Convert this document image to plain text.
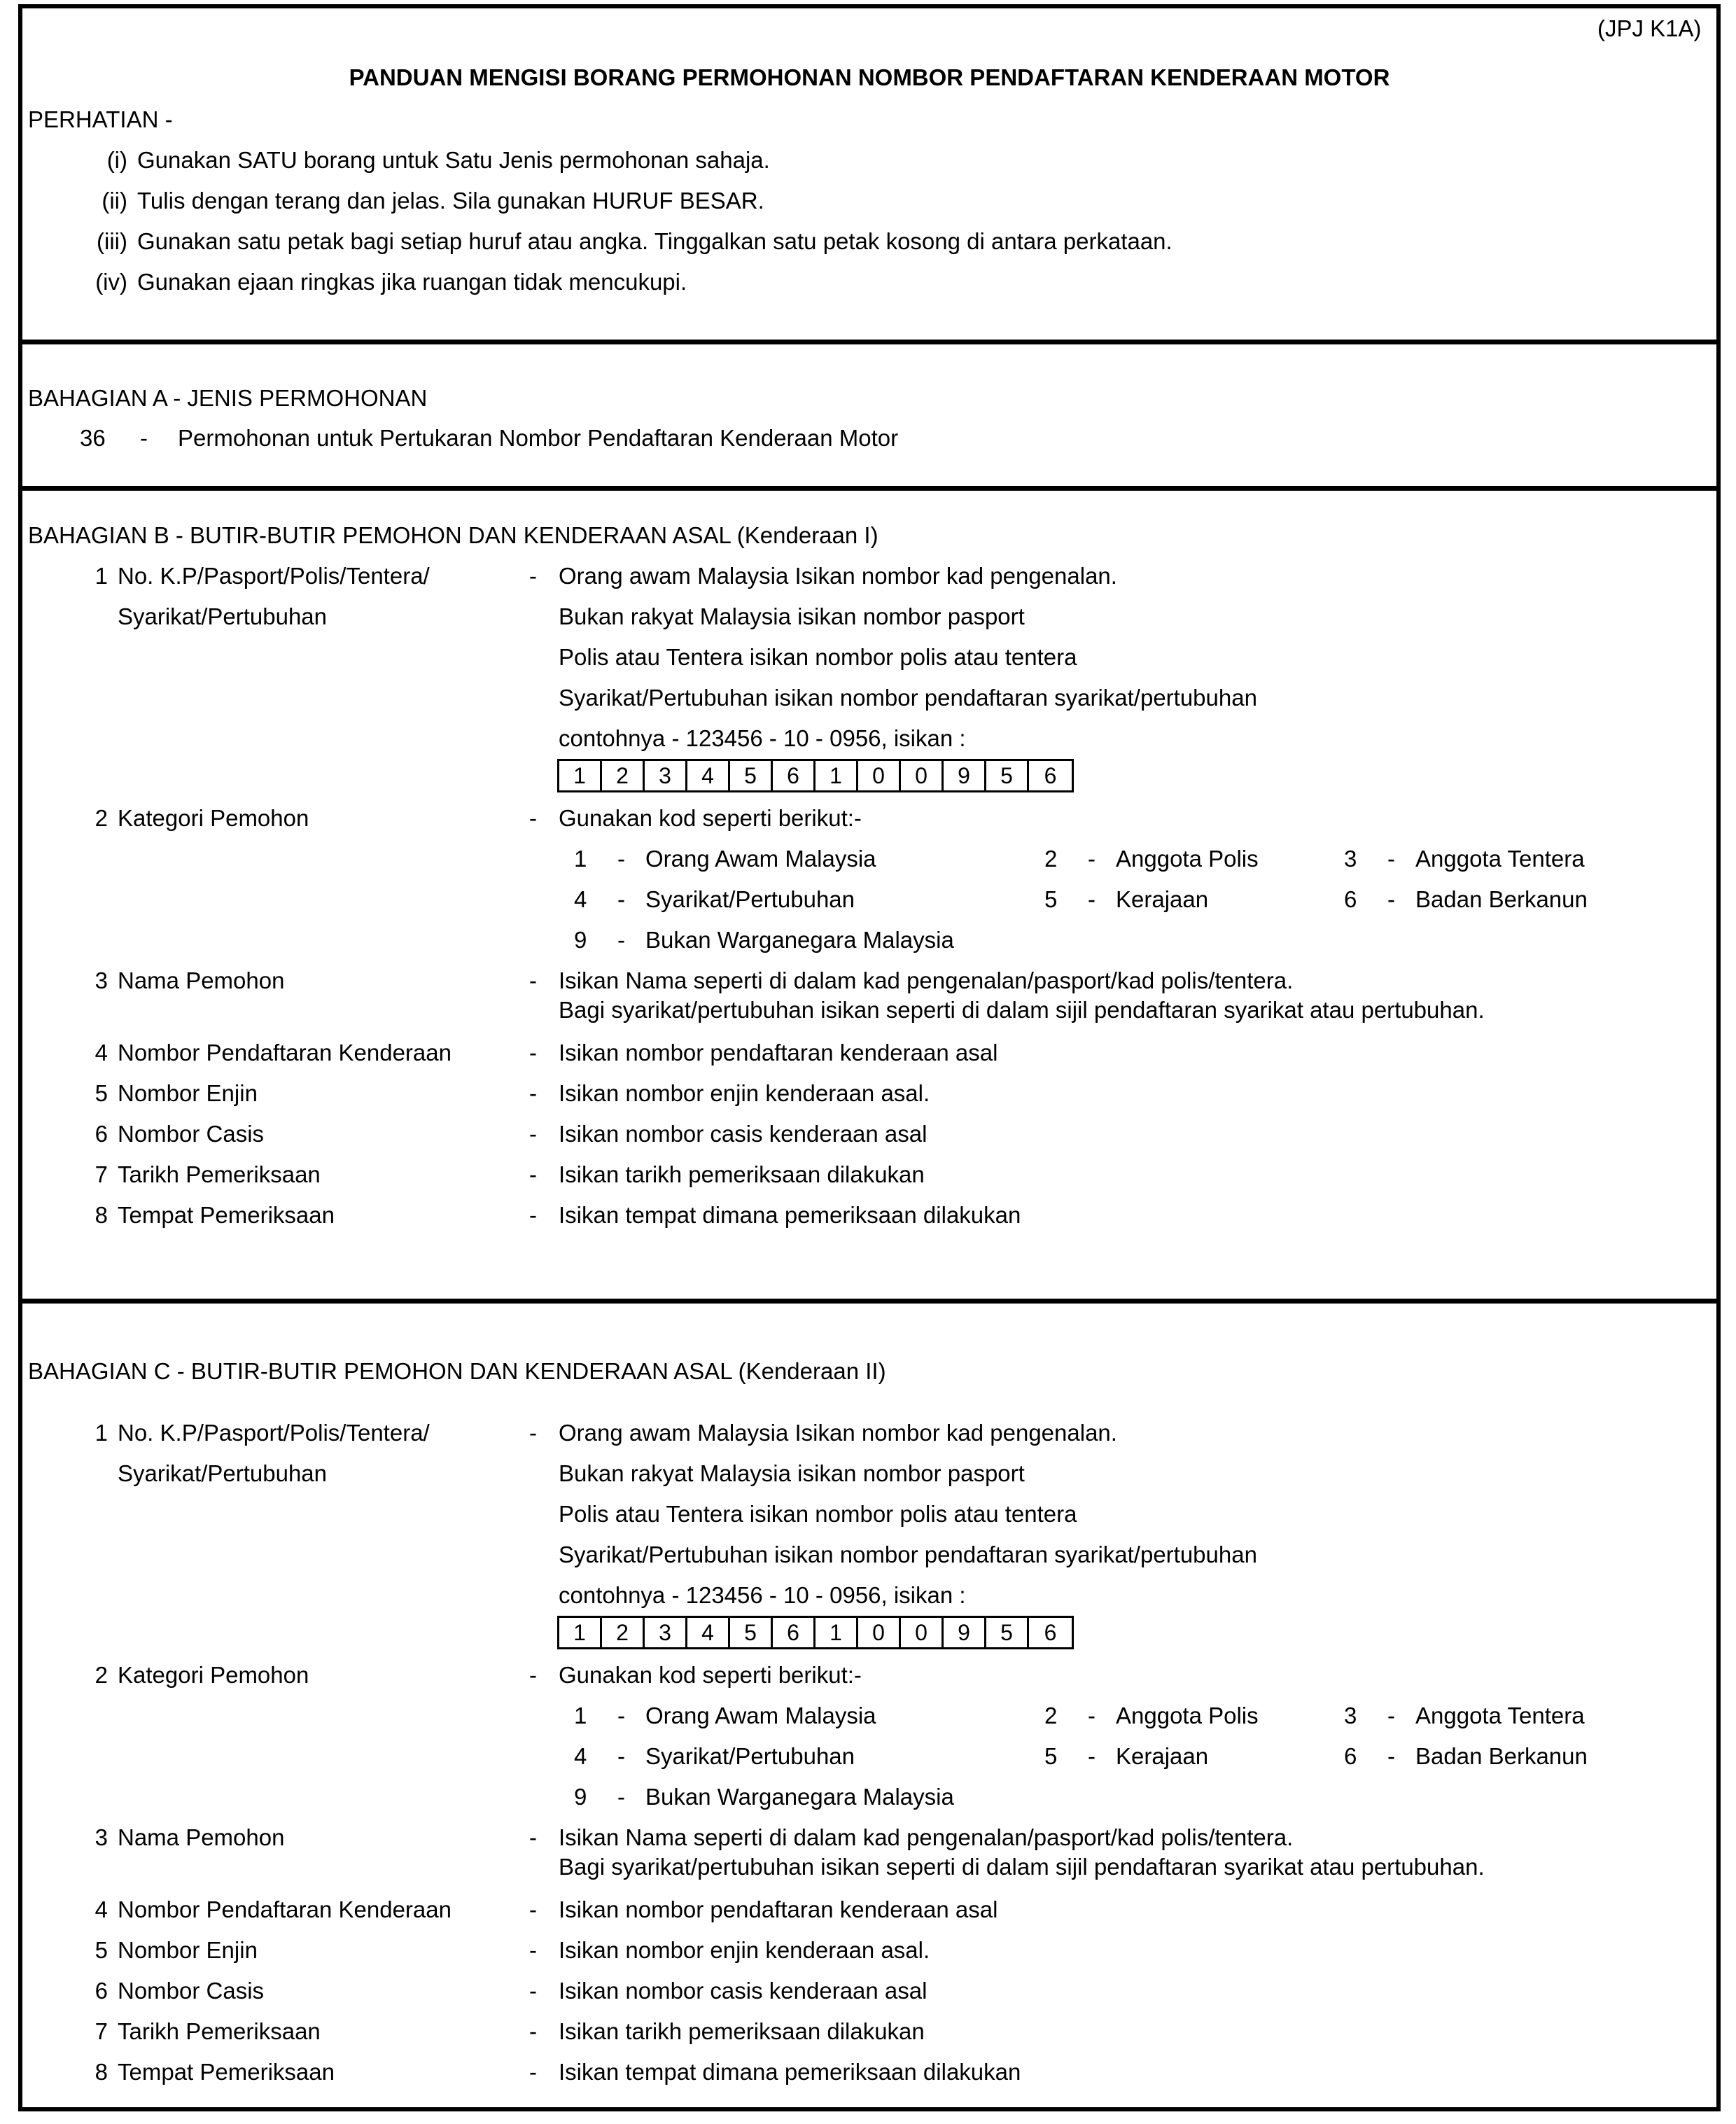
(JPJ K1A)
PANDUAN MENGISI BORANG PERMOHONAN NOMBOR PENDAFTARAN KENDERAAN MOTOR
PERHATIAN -
(i) Gunakan SATU borang untuk Satu Jenis permohonan sahaja.
(ii) Tulis dengan terang dan jelas. Sila gunakan HURUF BESAR.
(iii) Gunakan satu petak bagi setiap huruf atau angka. Tinggalkan satu petak kosong di antara perkataan.
(iv) Gunakan ejaan ringkas jika ruangan tidak mencukupi.
BAHAGIAN A - JENIS PERMOHONAN
36 - Permohonan untuk Pertukaran Nombor Pendaftaran Kenderaan Motor
BAHAGIAN B - BUTIR-BUTIR PEMOHON DAN KENDERAAN ASAL (Kenderaan I)
1 No. K.P/Pasport/Polis/Tentera/
Syarikat/Pertubuhan
- Orang awam Malaysia Isikan nombor kad pengenalan.
Bukan rakyat Malaysia isikan nombor pasport
Polis atau Tentera isikan nombor polis atau tentera
Syarikat/Pertubuhan isikan nombor pendaftaran syarikat/pertubuhan
contohnya - 123456 - 10 - 0956, isikan :
1	2	3	4	5	6	1	0	0	9	5	6
2 Kategori Pemohon	- Gunakan kod seperti berikut:-
1 - Orang Awam Malaysia	2 - Anggota Polis	3 - Anggota Tentera
4 - Syarikat/Pertubuhan	5 - Kerajaan	6 - Badan Berkanun
9 - Bukan Warganegara Malaysia
3 Nama Pemohon	- Isikan Nama seperti di dalam kad pengenalan/pasport/kad polis/tentera.
Bagi syarikat/pertubuhan isikan seperti di dalam sijil pendaftaran syarikat atau pertubuhan.
4 Nombor Pendaftaran Kenderaan	- Isikan nombor pendaftaran kenderaan asal
5 Nombor Enjin	- Isikan nombor enjin kenderaan asal.
6 Nombor Casis	- Isikan nombor casis kenderaan asal
7 Tarikh Pemeriksaan	- Isikan tarikh pemeriksaan dilakukan
8 Tempat Pemeriksaan	- Isikan tempat dimana pemeriksaan dilakukan
BAHAGIAN C - BUTIR-BUTIR PEMOHON DAN KENDERAAN ASAL (Kenderaan II)
1 No. K.P/Pasport/Polis/Tentera/
Syarikat/Pertubuhan
- Orang awam Malaysia Isikan nombor kad pengenalan.
Bukan rakyat Malaysia isikan nombor pasport
Polis atau Tentera isikan nombor polis atau tentera
Syarikat/Pertubuhan isikan nombor pendaftaran syarikat/pertubuhan
contohnya - 123456 - 10 - 0956, isikan :
1	2	3	4	5	6	1	0	0	9	5	6
2 Kategori Pemohon	- Gunakan kod seperti berikut:-
1 - Orang Awam Malaysia	2 - Anggota Polis	3 - Anggota Tentera
4 - Syarikat/Pertubuhan	5 - Kerajaan	6 - Badan Berkanun
9 - Bukan Warganegara Malaysia
3 Nama Pemohon	- Isikan Nama seperti di dalam kad pengenalan/pasport/kad polis/tentera.
Bagi syarikat/pertubuhan isikan seperti di dalam sijil pendaftaran syarikat atau pertubuhan.
4 Nombor Pendaftaran Kenderaan	- Isikan nombor pendaftaran kenderaan asal
5 Nombor Enjin	- Isikan nombor enjin kenderaan asal.
6 Nombor Casis	- Isikan nombor casis kenderaan asal
7 Tarikh Pemeriksaan	- Isikan tarikh pemeriksaan dilakukan
8 Tempat Pemeriksaan	- Isikan tempat dimana pemeriksaan dilakukan
